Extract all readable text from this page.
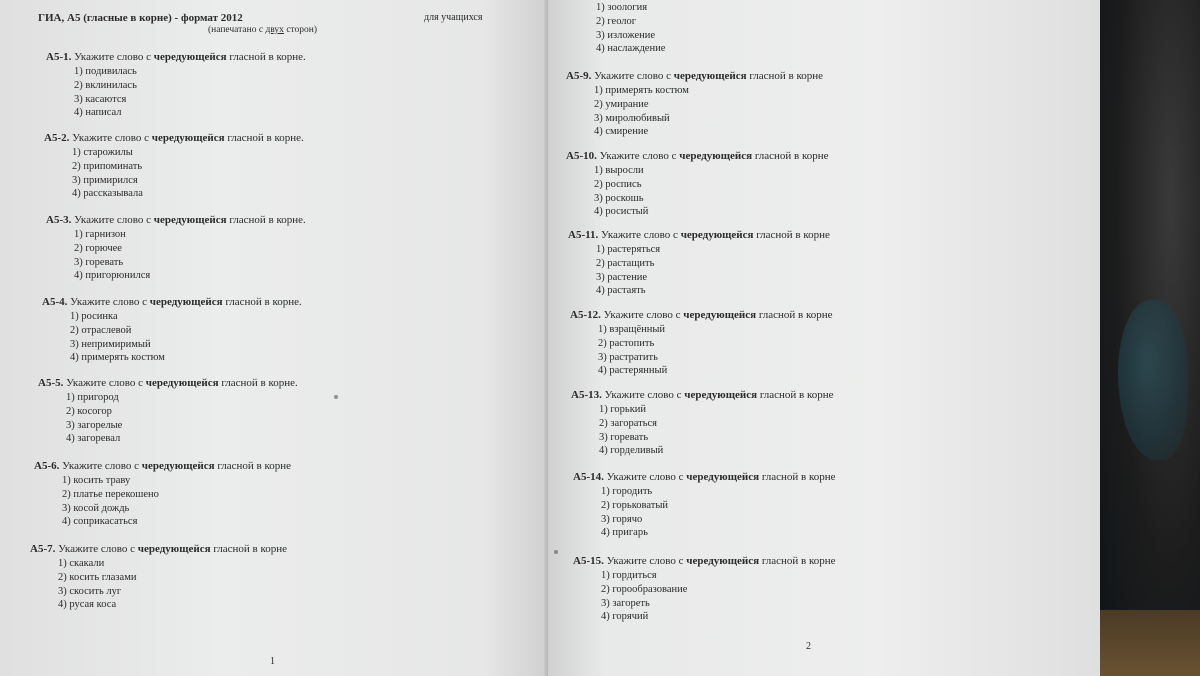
ГИА, А5 (гласные в корне) - формат 2012
(напечатано с двух сторон)
для учащихся
А5-1. Укажите слово с чередующейся гласной в корне.
1) подивилась
2) вклинилась
3) касаются
4) написал
А5-2. Укажите слово с чередующейся гласной в корне.
1) старожилы
2) припоминать
3) примирился
4) рассказывала
А5-3. Укажите слово с чередующейся гласной в корне.
1) гарнизон
2) горючее
3) горевать
4) пригорюнился
А5-4. Укажите слово с чередующейся гласной в корне.
1) росинка
2) отраслевой
3) непримиримый
4) примерять костюм
А5-5. Укажите слово с чередующейся гласной в корне.
1) пригород
2) косогор
3) загорелые
4) загоревал
А5-6. Укажите слово с чередующейся гласной в корне
1) косить траву
2) платье перекошено
3) косой дождь
4) соприкасаться
А5-7. Укажите слово с чередующейся гласной в корне
1) скакали
2) косить глазами
3) скосить луг
4) русая коса
1
А5-9. Укажите слово с чередующейся гласной в корне
1) примерять костюм
2) умирание
3) миролюбивый
4) смирение
А5-10. Укажите слово с чередующейся гласной в корне
1) выросли
2) роспись
3) роскошь
4) росистый
А5-11. Укажите слово с чередующейся гласной в корне
1) растеряться
2) растащить
3) растение
4) растаять
А5-12. Укажите слово с чередующейся гласной в корне
1) взращённый
2) растопить
3) растратить
4) растерянный
А5-13. Укажите слово с чередующейся гласной в корне
1) горький
2) загораться
3) горевать
4) горделивый
А5-14. Укажите слово с чередующейся гласной в корне
1) городить
2) горьковатый
3) горячо
4) пригарь
А5-15. Укажите слово с чередующейся гласной в корне
1) гордиться
2) горообразование
3) загореть
4) горячий
2
1) зоология
2) геолог
3) изложение
4) наслаждение
